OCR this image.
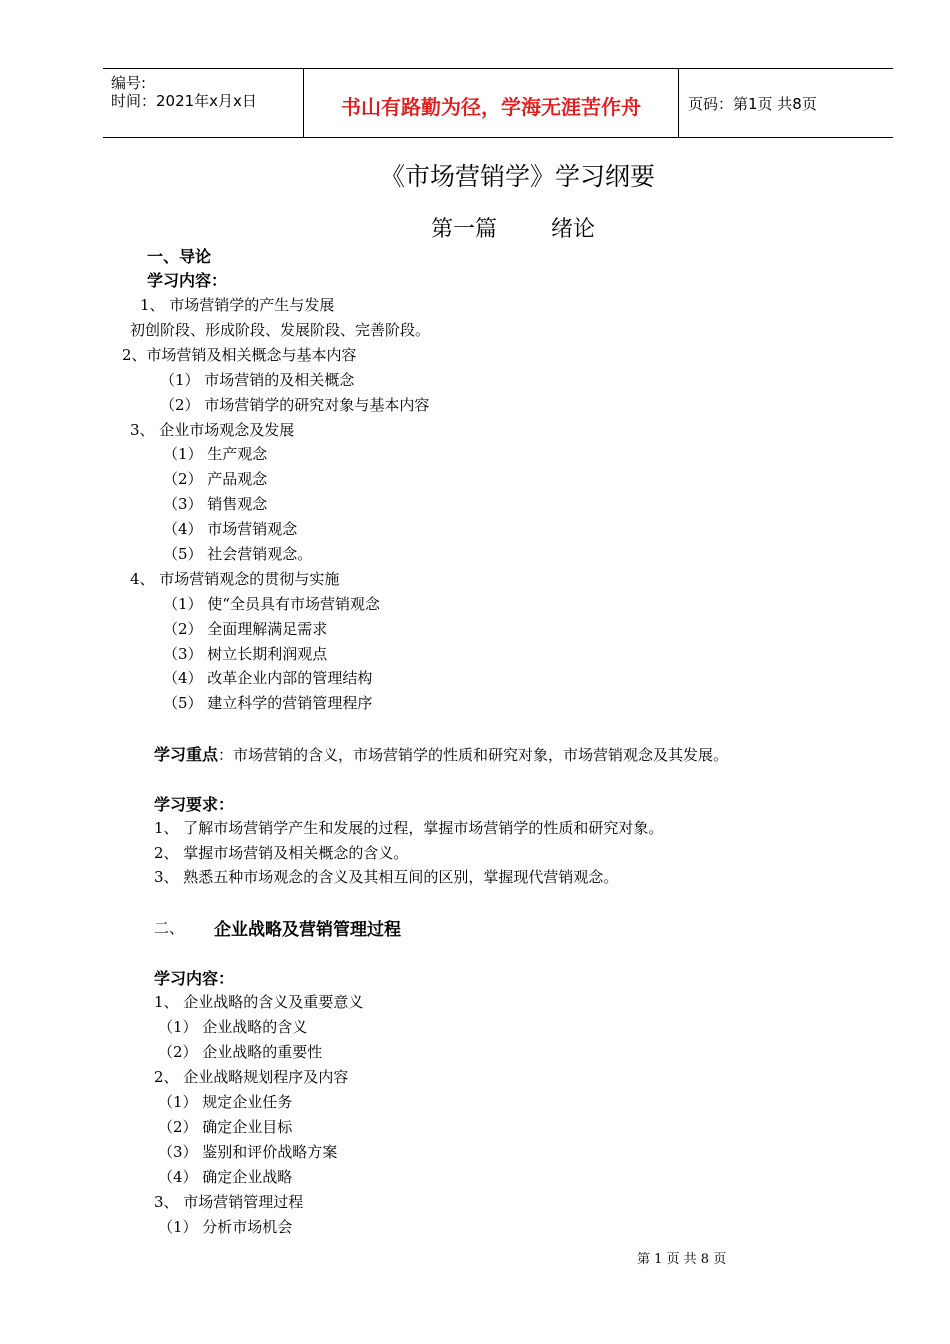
编号:
时间：2021年x月x日	书山有路勤为径，学海无涯苦作舟	页码：第1页 共8页
《市场营销学》学习纲要
第一篇 绪论
一、导论
学习内容：
1、 市场营销学的产生与发展
初创阶段、形成阶段、发展阶段、完善阶段。
2、市场营销及相关概念与基本内容
（1） 市场营销的及相关概念
（2） 市场营销学的研究对象与基本内容
3、 企业市场观念及发展
（1） 生产观念
（2） 产品观念
（3） 销售观念
（4） 市场营销观念
（5） 社会营销观念。
4、 市场营销观念的贯彻与实施
（1） 使“全员具有市场营销观念
（2） 全面理解满足需求
（3） 树立长期利润观点
（4） 改革企业内部的管理结构
（5） 建立科学的营销管理程序
学习重点：市场营销的含义，市场营销学的性质和研究对象，市场营销观念及其发展。
学习要求：
1、 了解市场营销学产生和发展的过程，掌握市场营销学的性质和研究对象。
2、 掌握市场营销及相关概念的含义。
3、 熟悉五种市场观念的含义及其相互间的区别，掌握现代营销观念。
二、 企业战略及营销管理过程
学习内容：
1、 企业战略的含义及重要意义
（1） 企业战略的含义
（2） 企业战略的重要性
2、 企业战略规划程序及内容
（1） 规定企业任务
（2） 确定企业目标
（3） 鉴别和评价战略方案
（4） 确定企业战略
3、 市场营销管理过程
（1） 分析市场机会
第 1 页 共 8 页
